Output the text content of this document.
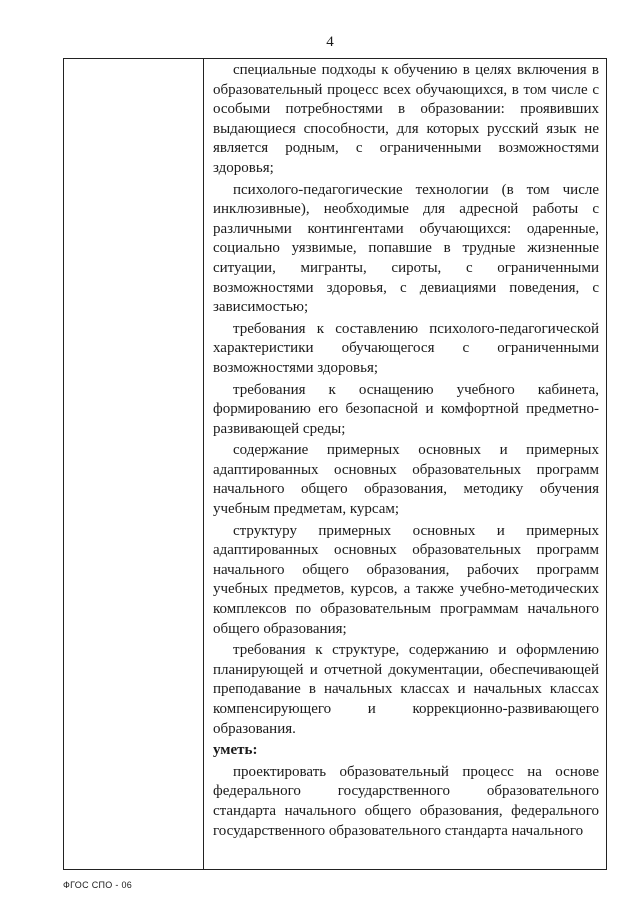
4

специальные подходы к обучению в целях включения в образовательный процесс всех обучающихся, в том числе с особыми потребностями в образовании: проявивших выдающиеся способности, для которых русский язык не является родным, с ограниченными возможностями здоровья;

психолого-педагогические технологии (в том числе инклюзивные), необходимые для адресной работы с различными контингентами обучающихся: одаренные, социально уязвимые, попавшие в трудные жизненные ситуации, мигранты, сироты, с ограниченными возможностями здоровья, с девиациями поведения, с зависимостью;

требования к составлению психолого-педагогической характеристики обучающегося с ограниченными возможностями здоровья;

требования к оснащению учебного кабинета, формированию его безопасной и комфортной предметно-развивающей среды;

содержание примерных основных и примерных адаптированных основных образовательных программ начального общего образования, методику обучения учебным предметам, курсам;

структуру примерных основных и примерных адаптированных основных образовательных программ начального общего образования, рабочих программ учебных предметов, курсов, а также учебно-методических комплексов по образовательным программам начального общего образования;

требования к структуре, содержанию и оформлению планирующей и отчетной документации, обеспечивающей преподавание в начальных классах и начальных классах компенсирующего и коррекционно-развивающего образования.

уметь:

проектировать образовательный процесс на основе федерального государственного образовательного стандарта начального общего образования, федерального государственного образовательного стандарта начального

ФГОС СПО - 06
